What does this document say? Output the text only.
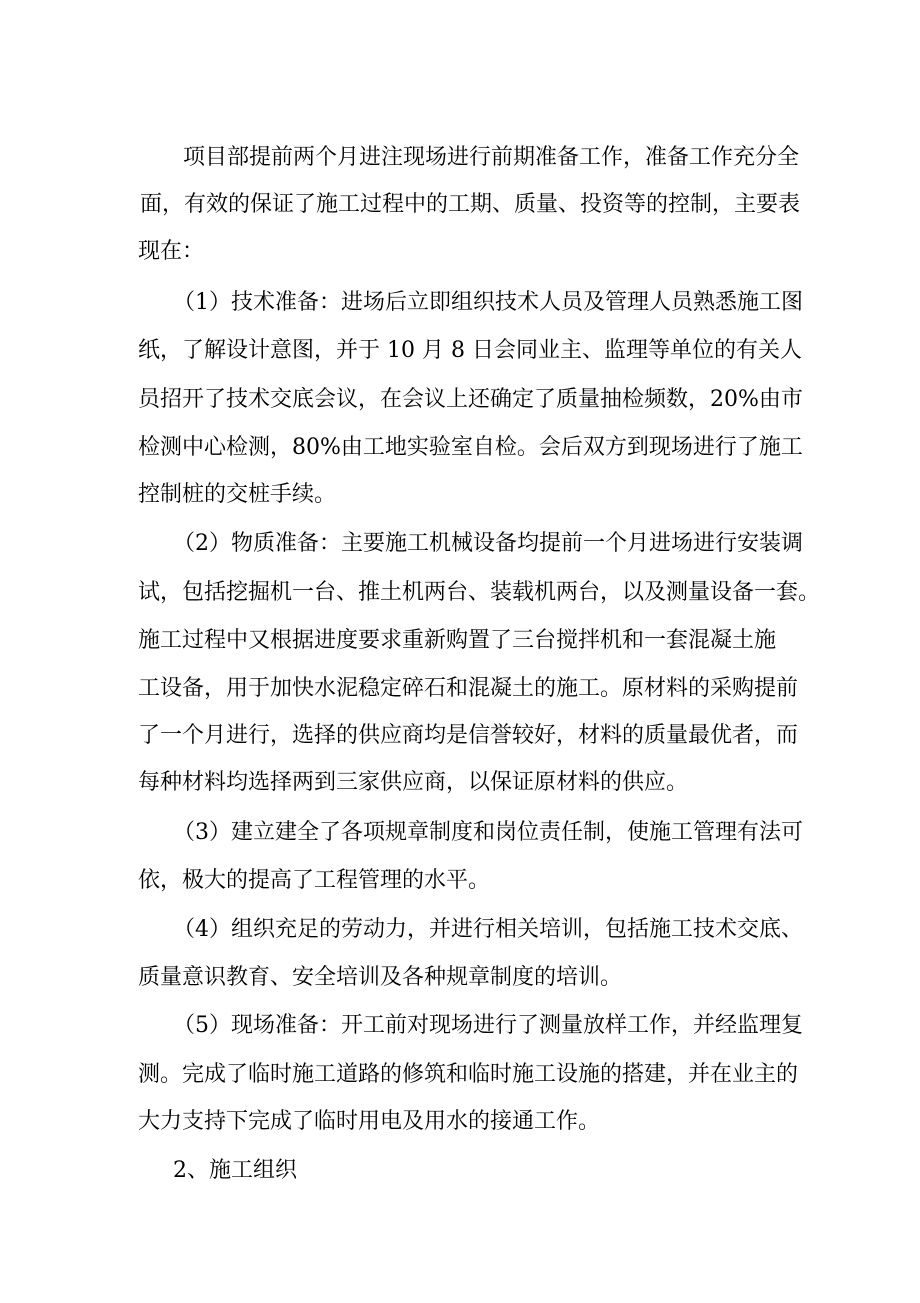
项目部提前两个月进注现场进行前期准备工作，准备工作充分全

面，有效的保证了施工过程中的工期、质量、投资等的控制，主要表

现在：

（1）技术准备：进场后立即组织技术人员及管理人员熟悉施工图

纸，了解设计意图，并于 10 月 8 日会同业主、监理等单位的有关人

员招开了技术交底会议，在会议上还确定了质量抽检频数，20%由市

检测中心检测，80%由工地实验室自检。会后双方到现场进行了施工

控制桩的交桩手续。

（2）物质准备：主要施工机械设备均提前一个月进场进行安装调

试，包括挖掘机一台、推土机两台、装载机两台，以及测量设备一套。

施工过程中又根据进度要求重新购置了三台搅拌机和一套混凝土施

工设备，用于加快水泥稳定碎石和混凝土的施工。原材料的采购提前

了一个月进行，选择的供应商均是信誉较好，材料的质量最优者，而

每种材料均选择两到三家供应商，以保证原材料的供应。

（3）建立建全了各项规章制度和岗位责任制，使施工管理有法可

依，极大的提高了工程管理的水平。

（4）组织充足的劳动力，并进行相关培训，包括施工技术交底、

质量意识教育、安全培训及各种规章制度的培训。

（5）现场准备：开工前对现场进行了测量放样工作，并经监理复

测。完成了临时施工道路的修筑和临时施工设施的搭建，并在业主的

大力支持下完成了临时用电及用水的接通工作。

2、施工组织
